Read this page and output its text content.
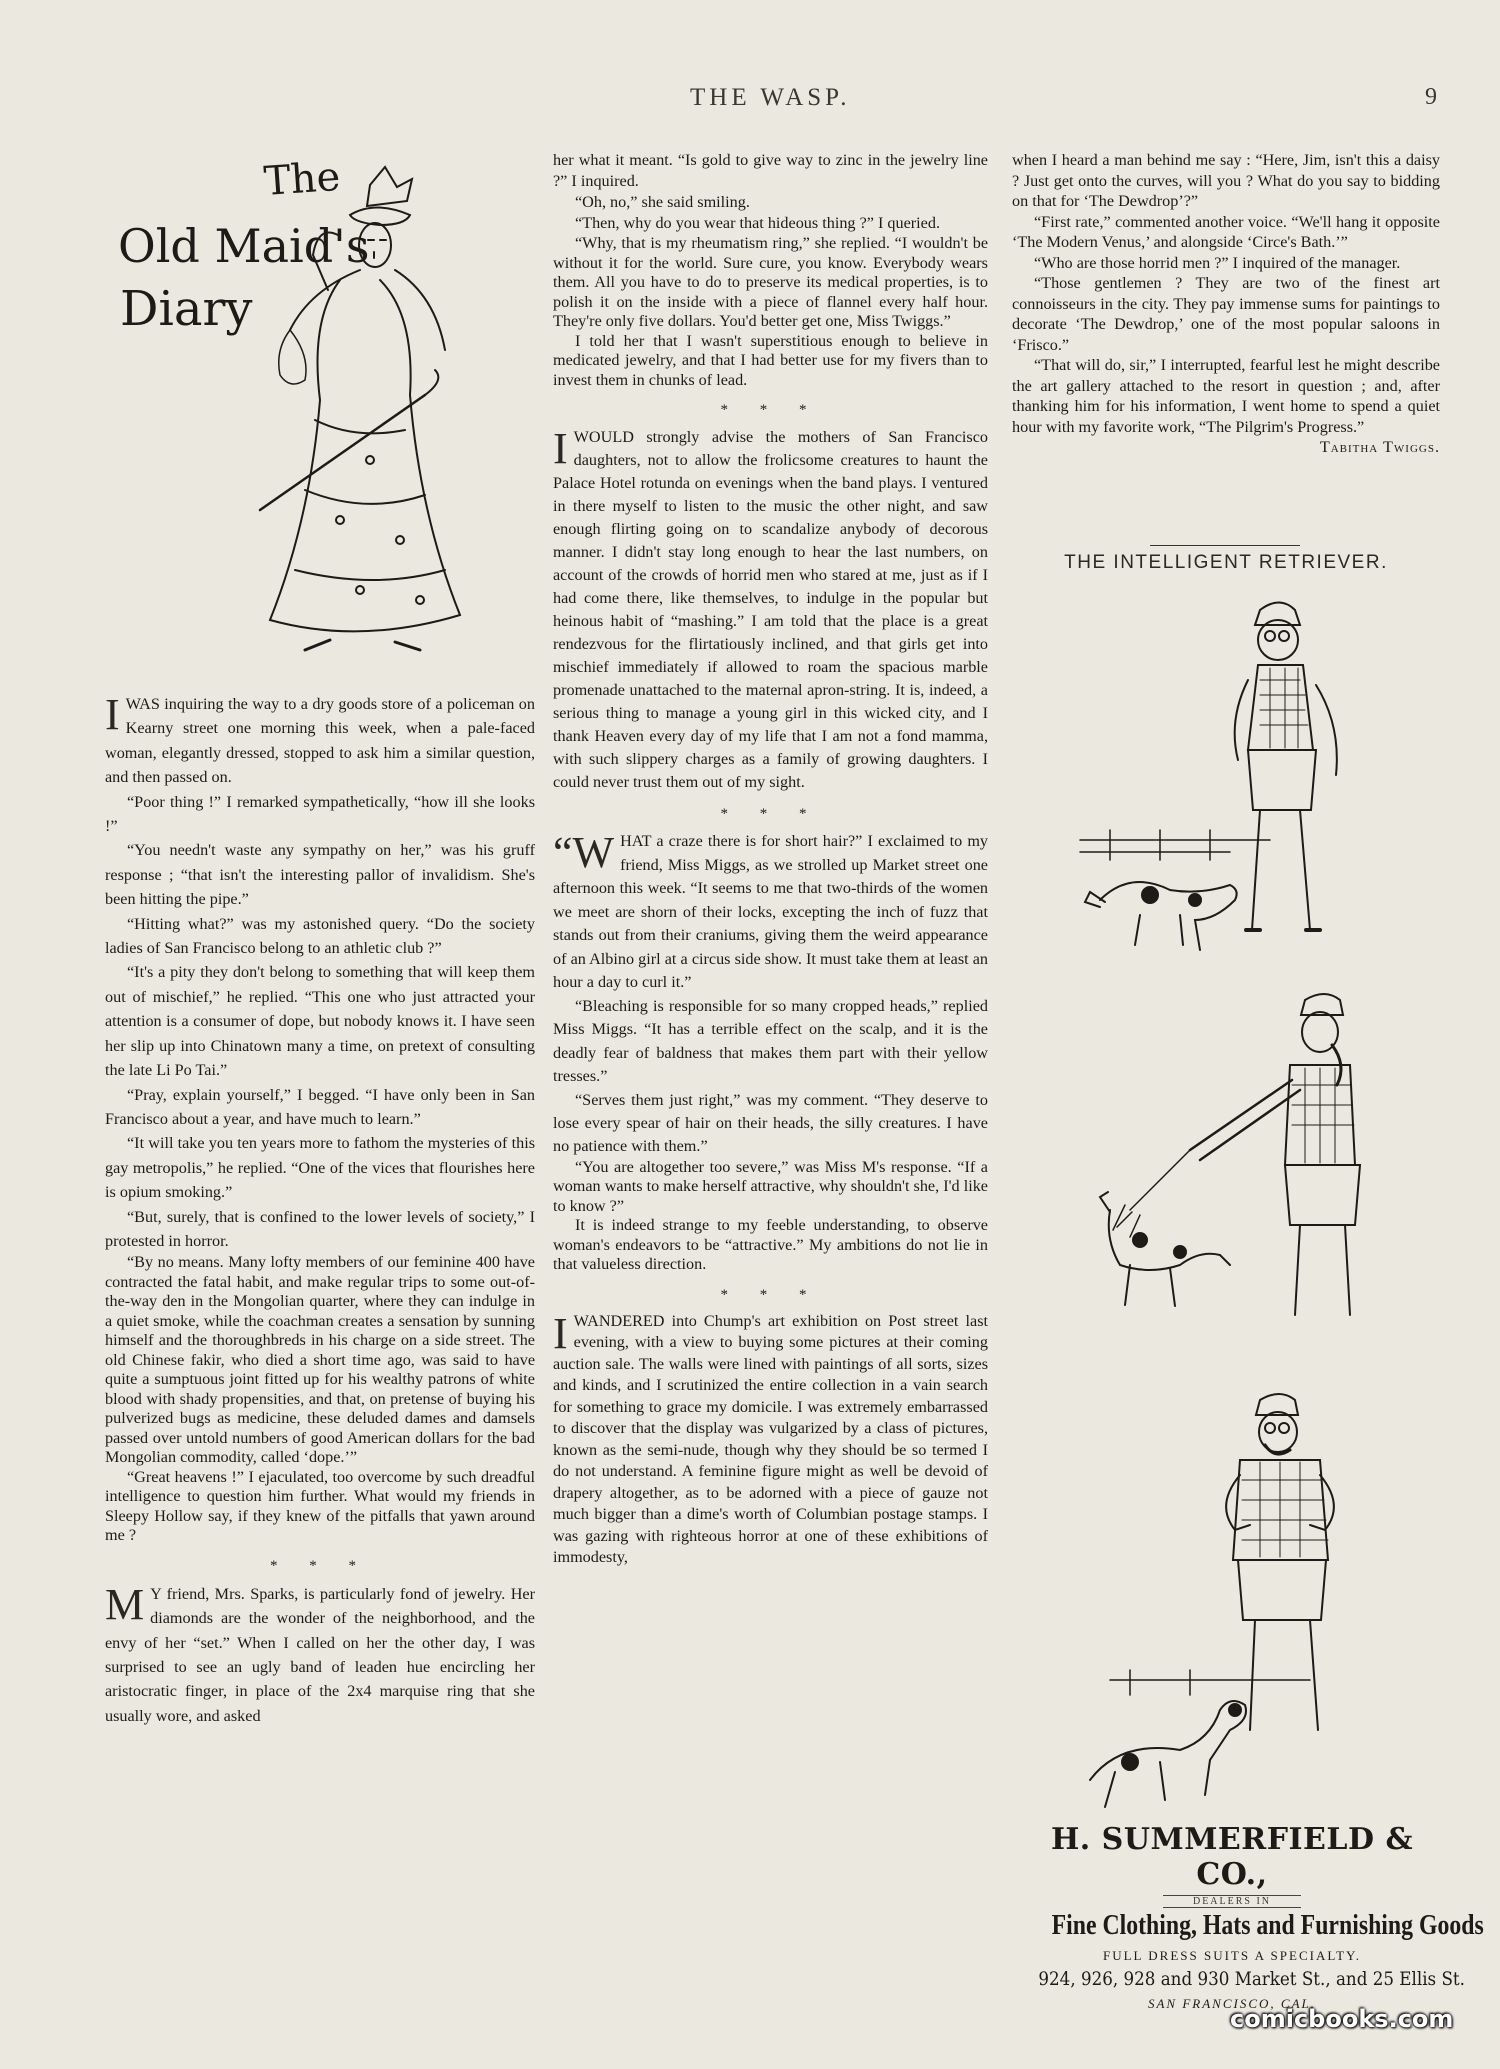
THE WASP.	9
The
Old Maid's
Diary

IWAS inquiring the way to a dry goods store of a policeman on Kearny street one morning this week, when a pale-faced woman, elegantly dressed, stopped to ask him a similar question, and then passed on.

“Poor thing !” I remarked sympathetically, “how ill she looks !”

“You needn't waste any sympathy on her,” was his gruff response ; “that isn't the interesting pallor of invalidism. She's been hitting the pipe.”

“Hitting what?” was my astonished query. “Do the society ladies of San Francisco belong to an athletic club ?”

“It's a pity they don't belong to something that will keep them out of mischief,” he replied. “This one who just attracted your attention is a consumer of dope, but nobody knows it. I have seen her slip up into Chinatown many a time, on pretext of consulting the late Li Po Tai.”

“Pray, explain yourself,” I begged. “I have only been in San Francisco about a year, and have much to learn.”

“It will take you ten years more to fathom the mysteries of this gay metropolis,” he replied. “One of the vices that flourishes here is opium smoking.”

“But, surely, that is confined to the lower levels of society,” I protested in horror.

“By no means. Many lofty members of our feminine 400 have contracted the fatal habit, and make regular trips to some out-of-the-way den in the Mongolian quarter, where they can indulge in a quiet smoke, while the coachman creates a sensation by sunning himself and the thoroughbreds in his charge on a side street. The old Chinese fakir, who died a short time ago, was said to have quite a sumptuous joint fitted up for his wealthy patrons of white blood with shady propensities, and that, on pretense of buying his pulverized bugs as medicine, these deluded dames and damsels passed over untold numbers of good American dollars for the bad Mongolian commodity, called ‘dope.’”

“Great heavens !” I ejaculated, too overcome by such dreadful intelligence to question him further. What would my friends in Sleepy Hollow say, if they knew of the pitfalls that yawn around me ?

* * *

M Y friend, Mrs. Sparks, is particularly fond of jewelry. Her diamonds are the wonder of the neighborhood, and the envy of her “set.” When I called on her the other day, I was surprised to see an ugly band of leaden hue encircling her aristocratic finger, in place of the 2x4 marquise ring that she usually wore, and asked

her what it meant. “Is gold to give way to zinc in the jewelry line ?” I inquired.

“Oh, no,” she said smiling.

“Then, why do you wear that hideous thing ?” I queried.

“Why, that is my rheumatism ring,” she replied. “I wouldn't be without it for the world. Sure cure, you know. Everybody wears them. All you have to do to preserve its medical properties, is to polish it on the inside with a piece of flannel every half hour. They're only five dollars. You'd better get one, Miss Twiggs.”

I told her that I wasn't superstitious enough to believe in medicated jewelry, and that I had better use for my fivers than to invest them in chunks of lead.

* * *

IWOULD strongly advise the mothers of San Francisco daughters, not to allow the frolicsome creatures to haunt the Palace Hotel rotunda on evenings when the band plays. I ventured in there myself to listen to the music the other night, and saw enough flirting going on to scandalize anybody of decorous manner. I didn't stay long enough to hear the last numbers, on account of the crowds of horrid men who stared at me, just as if I had come there, like themselves, to indulge in the popular but heinous habit of “mashing.” I am told that the place is a great rendezvous for the flirtatiously inclined, and that girls get into mischief immediately if allowed to roam the spacious marble promenade unattached to the maternal apron-string. It is, indeed, a serious thing to manage a young girl in this wicked city, and I thank Heaven every day of my life that I am not a fond mamma, with such slippery charges as a family of growing daughters. I could never trust them out of my sight.

* * *

“WHAT a craze there is for short hair?” I exclaimed to my friend, Miss Miggs, as we strolled up Market street one afternoon this week. “It seems to me that two-thirds of the women we meet are shorn of their locks, excepting the inch of fuzz that stands out from their craniums, giving them the weird appearance of an Albino girl at a circus side show. It must take them at least an hour a day to curl it.”

“Bleaching is responsible for so many cropped heads,” replied Miss Miggs. “It has a terrible effect on the scalp, and it is the deadly fear of baldness that makes them part with their yellow tresses.”

“Serves them just right,” was my comment. “They deserve to lose every spear of hair on their heads, the silly creatures. I have no patience with them.”

“You are altogether too severe,” was Miss M's response. “If a woman wants to make herself attractive, why shouldn't she, I'd like to know ?”

It is indeed strange to my feeble understanding, to observe woman's endeavors to be “attractive.” My ambitions do not lie in that valueless direction.

* * *

IWANDERED into Chump's art exhibition on Post street last evening, with a view to buying some pictures at their coming auction sale. The walls were lined with paintings of all sorts, sizes and kinds, and I scrutinized the entire collection in a vain search for something to grace my domicile. I was extremely embarrassed to discover that the display was vulgarized by a class of pictures, known as the semi-nude, though why they should be so termed I do not understand. A feminine figure might as well be devoid of drapery altogether, as to be adorned with a piece of gauze not much bigger than a dime's worth of Columbian postage stamps. I was gazing with righteous horror at one of these exhibitions of immodesty,

when I heard a man behind me say : “Here, Jim, isn't this a daisy ? Just get onto the curves, will you ? What do you say to bidding on that for ‘The Dewdrop’?”

“First rate,” commented another voice. “We'll hang it opposite ‘The Modern Venus,’ and alongside ‘Circe's Bath.’”

“Who are those horrid men ?” I inquired of the manager.

“Those gentlemen ? They are two of the finest art connoisseurs in the city. They pay immense sums for paintings to decorate ‘The Dewdrop,’ one of the most popular saloons in ‘Frisco.”

“That will do, sir,” I interrupted, fearful lest he might describe the art gallery attached to the resort in question ; and, after thanking him for his information, I went home to spend a quiet hour with my favorite work, “The Pilgrim's Progress.”

Tabitha Twiggs.
THE INTELLIGENT RETRIEVER.
H. SUMMERFIELD & CO.,
DEALERS IN
Fine Clothing, Hats and Furnishing Goods
FULL DRESS SUITS A SPECIALTY.
924, 926, 928 and 930 Market St., and 25 Ellis St.
SAN FRANCISCO, CAL.
comicbooks.com
